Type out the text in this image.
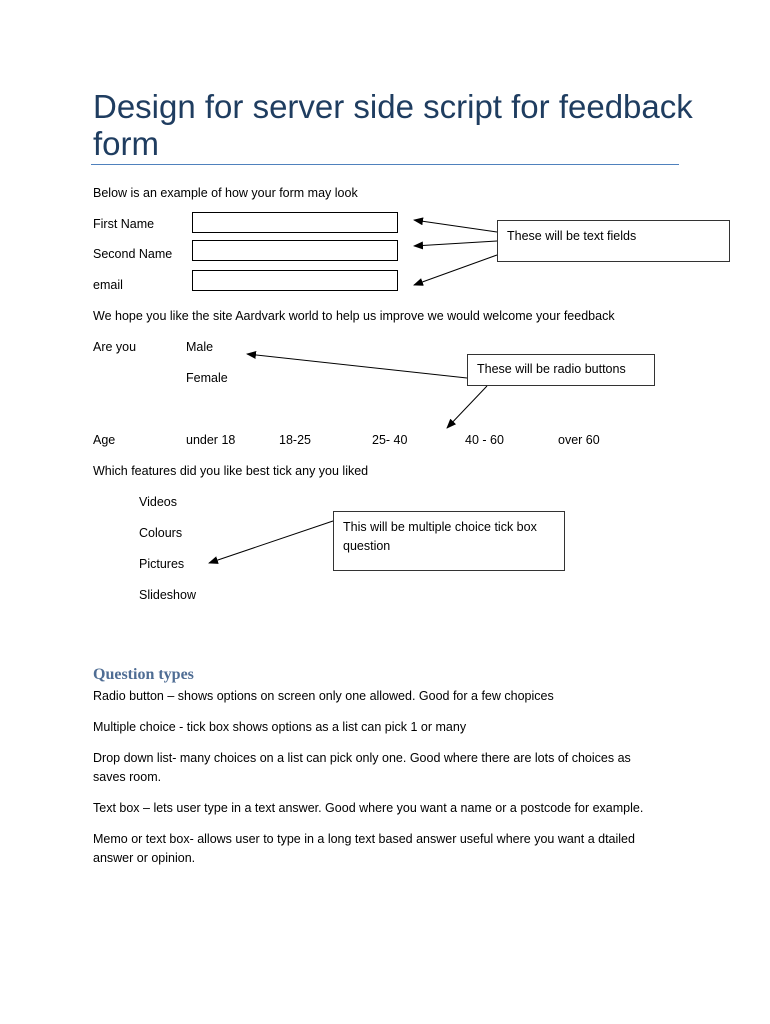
Design for server side script for feedback form
Below is an example of how your form may look
First Name
Second Name
email
These will be text fields
We hope you like the site Aardvark world to help us improve we would welcome your feedback
Are you	Male
Female
These will be radio buttons
Age	under 18	18-25	25- 40	40 - 60	over 60
Which features did you like best tick any you liked
Videos
Colours
Pictures
Slideshow
This will be multiple choice tick box question
Question types
Radio button – shows options on screen only one allowed. Good for a few chopices
Multiple choice - tick box shows options as a list can pick 1 or many
Drop down list- many choices on a list can pick only one. Good where there are lots of choices as saves room.
Text box – lets user type in a text answer. Good where you want a name or a postcode for example.
Memo or text box- allows user to type in a long text based answer useful where you want a dtailed answer or opinion.
